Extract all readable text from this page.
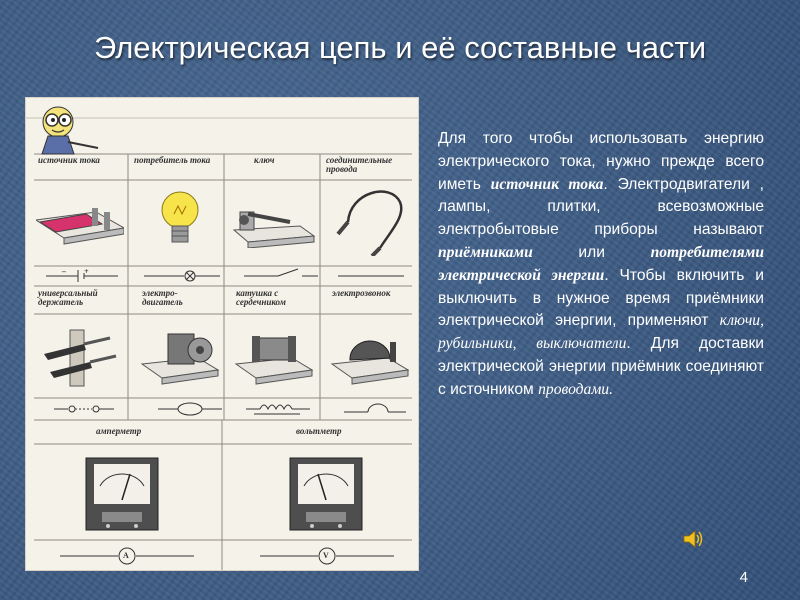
Электрическая цепь и её составные части
источник тока	потребитель тока	ключ	соединительные провода
– +
универсальный держатель
электро-двигатель
катушка с сердечником
электрозвонок
амперметр	вольтметр
A	V
Для того чтобы использовать энергию электрического тока, нужно прежде всего иметь источник тока. Электродвигатели , лампы, плитки, всевозможные электробытовые приборы называют приёмниками или потребителями электрической энергии. Чтобы включить и выключить в нужное время приёмники электрической энергии, применяют ключи, рубильники, выключатели. Для доставки электрической энергии приёмник соединяют с источником проводами.
4
